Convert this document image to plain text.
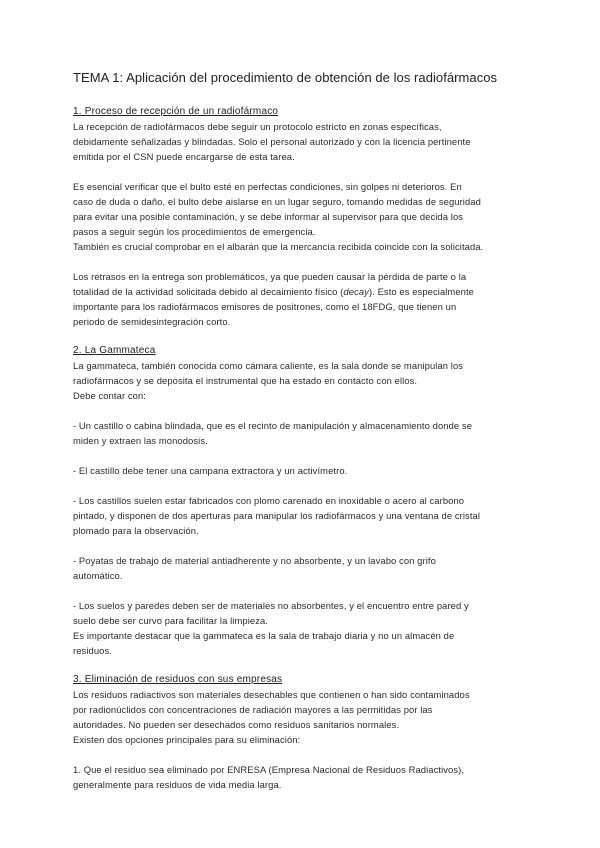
TEMA 1: Aplicación del procedimiento de obtención de los radiofármacos
1. Proceso de recepción de un radiofármaco

La recepción de radiofármacos debe seguir un protocolo estricto en zonas específicas,
debidamente señalizadas y blindadas. Solo el personal autorizado y con la licencia pertinente
emitida por el CSN puede encargarse de esta tarea.

Es esencial verificar que el bulto esté en perfectas condiciones, sin golpes ni deterioros. En
caso de duda o daño, el bulto debe aislarse en un lugar seguro, tomando medidas de seguridad
para evitar una posible contaminación, y se debe informar al supervisor para que decida los
pasos a seguir según los procedimientos de emergencia.
También es crucial comprobar en el albarán que la mercancía recibida coincide con la solicitada.

Los retrasos en la entrega son problemáticos, ya que pueden causar la pérdida de parte o la
totalidad de la actividad solicitada debido al decaimiento físico (decay). Esto es especialmente
importante para los radiofármacos emisores de positrones, como el 18FDG, que tienen un
periodo de semidesintegración corto.

2. La Gammateca

La gammateca, también conocida como cámara caliente, es la sala donde se manipulan los
radiofármacos y se deposita el instrumental que ha estado en contacto con ellos.
Debe contar con:

- Un castillo o cabina blindada, que es el recinto de manipulación y almacenamiento donde se
miden y extraen las monodosis.

- El castillo debe tener una campana extractora y un activímetro.

- Los castillos suelen estar fabricados con plomo carenado en inoxidable o acero al carbono
pintado, y disponen de dos aperturas para manipular los radiofármacos y una ventana de cristal
plomado para la observación.

- Poyatas de trabajo de material antiadherente y no absorbente, y un lavabo con grifo
automático.

- Los suelos y paredes deben ser de materiales no absorbentes, y el encuentro entre pared y
suelo debe ser curvo para facilitar la limpieza.
Es importante destacar que la gammateca es la sala de trabajo diaria y no un almacén de
residuos.

3. Eliminación de residuos con sus empresas

Los residuos radiactivos son materiales desechables que contienen o han sido contaminados
por radionúclidos con concentraciones de radiación mayores a las permitidas por las
autoridades. No pueden ser desechados como residuos sanitarios normales.
Existen dos opciones principales para su eliminación:

1. Que el residuo sea eliminado por ENRESA (Empresa Nacional de Residuos Radiactivos),
generalmente para residuos de vida media larga.
